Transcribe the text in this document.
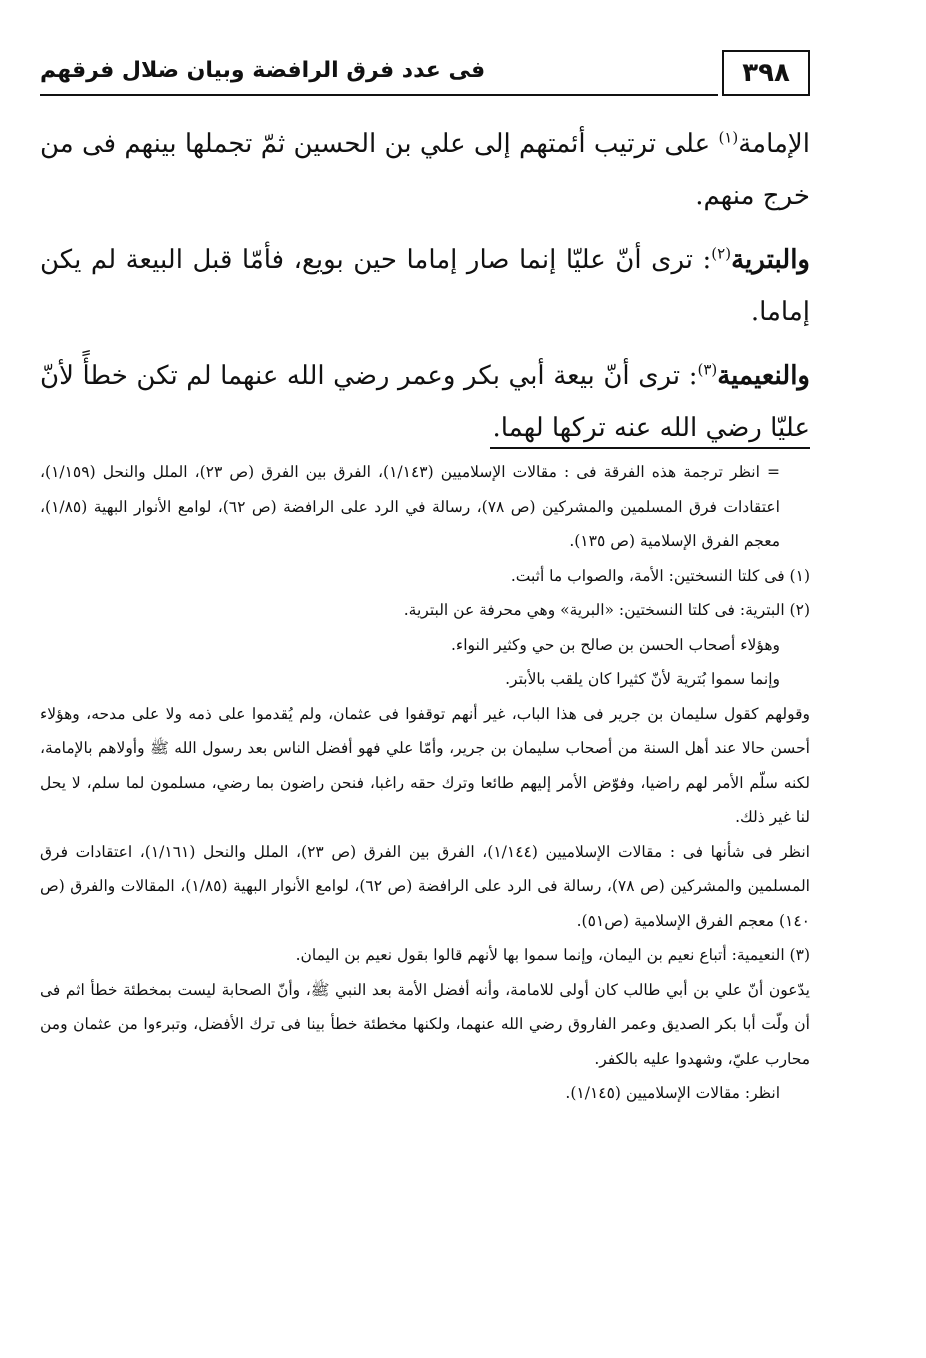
٣٩٨
فى عدد فرق الرافضة وبيان ضلال فرقهم

الإمامة$^{(١)}$ على ترتيب أئمتهم إلى علي بن الحسين ثمّ تجملها بينهم فى من خرج منهم.

والبترية$^{(٢)}$: ترى أنّ عليّا إنما صار إماما حين بويع، فأمّا قبل البيعة لم يكن إماما.

والنعيمية$^{(٣)}$: ترى أنّ بيعة أبي بكر وعمر رضي الله عنهما لم تكن خطأً لأنّ عليّا رضي الله عنه تركها لهما.

= انظر ترجمة هذه الفرقة فى : مقالات الإسلاميين (١/١٤٣)، الفرق بين الفرق (ص ٢٣)، الملل والنحل (١/١٥٩)، اعتقادات فرق المسلمين والمشركين (ص ٧٨)، رسالة في الرد على الرافضة (ص ٦٢)، لوامع الأنوار البهية (١/٨٥)، معجم الفرق الإسلامية (ص ١٣٥).

(١) فى كلتا النسختين: الأمة، والصواب ما أثبت.

(٢) البترية: فى كلتا النسختين: «البرية» وهي محرفة عن البترية.

وهؤلاء أصحاب الحسن بن صالح بن حي وكثير النواء.

وإنما سموا بُترية لأنّ كثيرا كان يلقب بالأبتر.

وقولهم كقول سليمان بن جرير فى هذا الباب، غير أنهم توقفوا فى عثمان، ولم يُقدموا على ذمه ولا على مدحه، وهؤلاء أحسن حالا عند أهل السنة من أصحاب سليمان بن جرير، وأمّا علي فهو أفضل الناس بعد رسول الله ﷺ وأولاهم بالإمامة، لكنه سلّم الأمر لهم راضيا، وفوّض الأمر إليهم طائعا وترك حقه راغبا، فنحن راضون بما رضي، مسلمون لما سلم، لا يحل لنا غير ذلك.

انظر فى شأنها فى : مقالات الإسلاميين (١/١٤٤)، الفرق بين الفرق (ص ٢٣)، الملل والنحل (١/١٦١)، اعتقادات فرق المسلمين والمشركين (ص ٧٨)، رسالة فى الرد على الرافضة (ص ٦٢)، لوامع الأنوار البهية (١/٨٥)، المقالات والفرق (ص ١٤٠) معجم الفرق الإسلامية (ص٥١).

(٣) النعيمية: أتباع نعيم بن اليمان، وإنما سموا بها لأنهم قالوا بقول نعيم بن اليمان.

يدّعون أنّ علي بن أبي طالب كان أولى للامامة، وأنه أفضل الأمة بعد النبي ﷺ، وأنّ الصحابة ليست بمخطئة خطأ اثم فى أن ولّت أبا بكر الصديق وعمر الفاروق رضي الله عنهما، ولكنها مخطئة خطأ بينا فى ترك الأفضل، وتبرءوا من عثمان ومن محارب عليّ، وشهدوا عليه بالكفر.

انظر: مقالات الإسلاميين (١/١٤٥).
